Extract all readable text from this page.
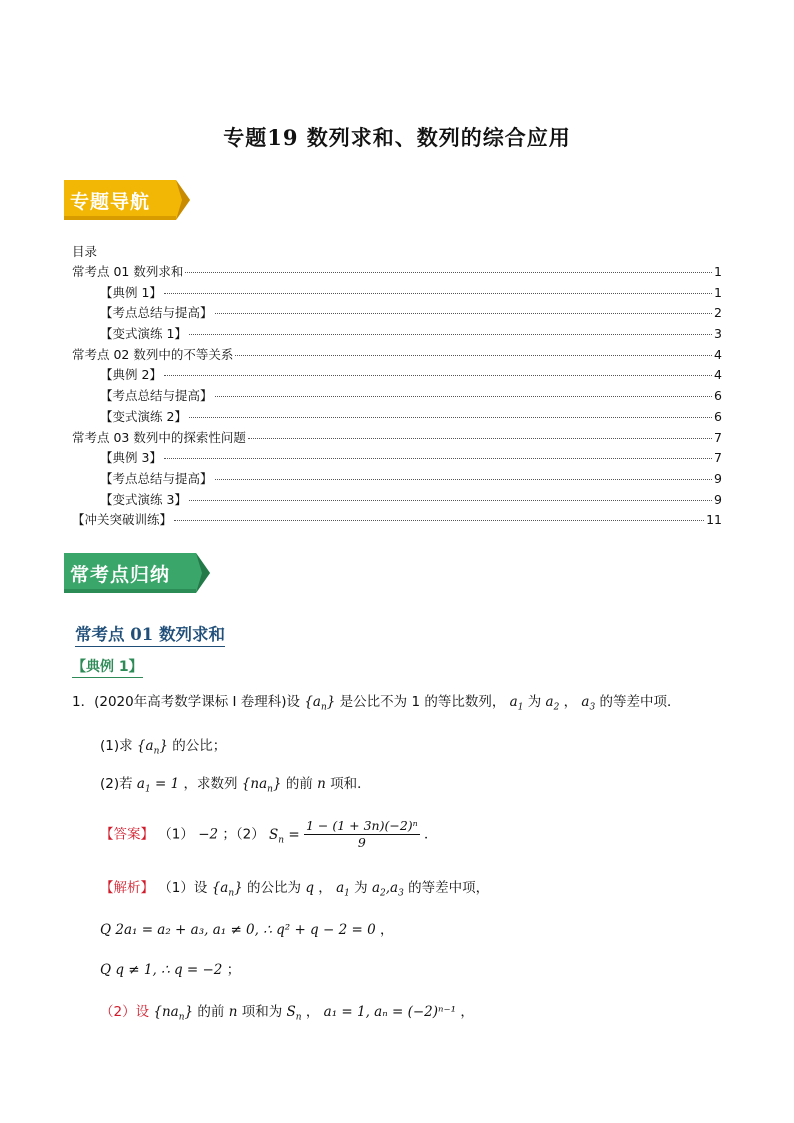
专题19 数列求和、数列的综合应用
专题导航
目录
常考点 01 数列求和	1
【典例 1】	1
【考点总结与提高】	2
【变式演练 1】	3
常考点 02 数列中的不等关系	4
【典例 2】	4
【考点总结与提高】	6
【变式演练 2】	6
常考点 03 数列中的探索性问题	7
【典例 3】	7
【考点总结与提高】	9
【变式演练 3】	9
【冲关突破训练】	11
常考点归纳
常考点 01 数列求和
【典例 1】
1．(2020年高考数学课标 I 卷理科)设 $\{a_n\}$ 是公比不为 1 的等比数列， $a_1$ 为 $a_2$ ， $a_3$ 的等差中项．
(1)求 $\{a_n\}$ 的公比；
(2)若 $a_1 = 1$ ，求数列 $\{na_n\}$ 的前 n 项和．
【答案】 （1） −2 ；（2） $S_n = \frac{\text{1 − (1 + 3n)(−2)ⁿ}}{9}$ ．
【解析】 （1）设 $\{a_n\}$ 的公比为 q ， $a_1$ 为 $a_2,a_3$ 的等差中项，
Q 2a₁ = a₂ + a₃, a₁ ≠ 0, ∴ q² + q − 2 = 0 ，
Q q ≠ 1, ∴ q = −2 ；
（2）设 $\{na_n\}$ 的前 n 项和为 $S_n$ ， a₁ = 1, aₙ = (−2)ⁿ⁻¹ ，
